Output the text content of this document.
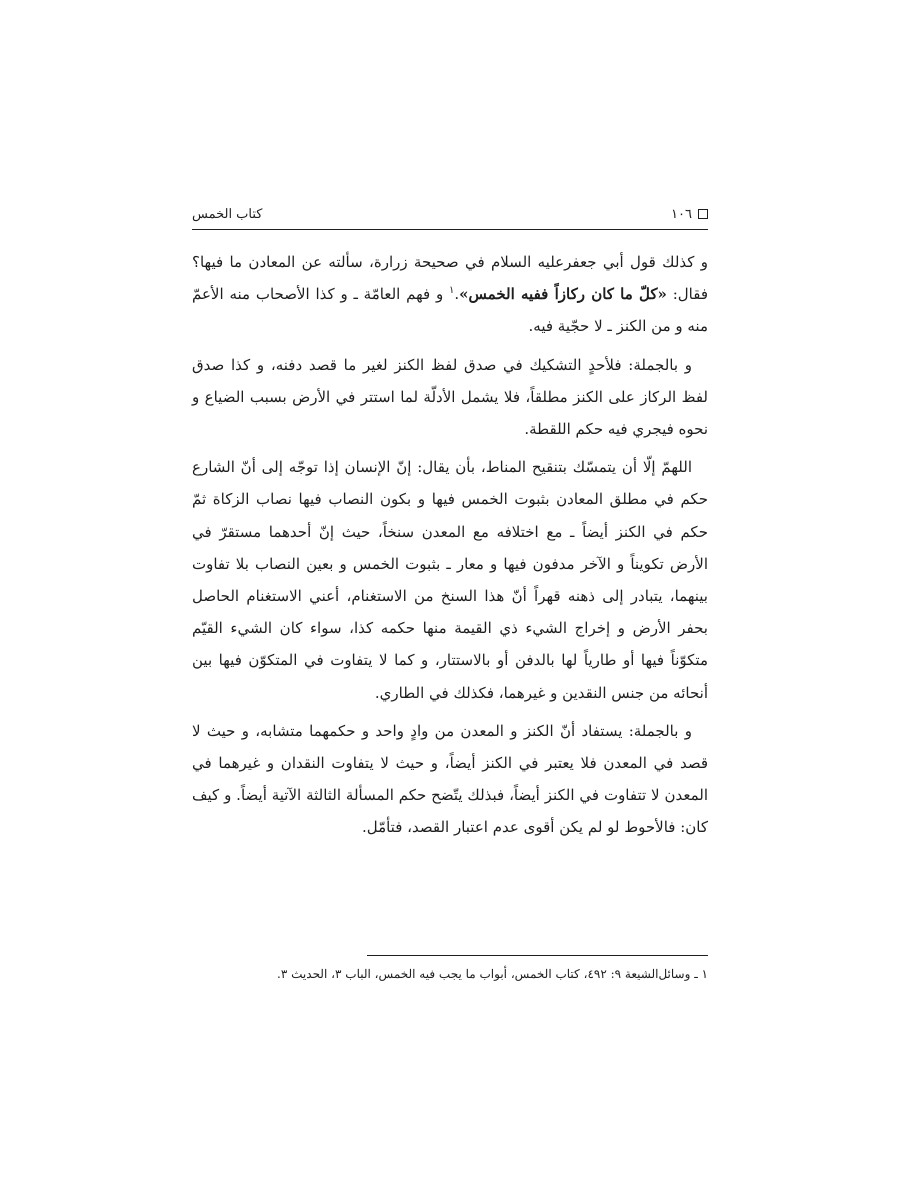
١٠٦
كتاب الخمس

و كذلك قول أبي جعفرعليه السلام في صحيحة زرارة، سألته عن المعادن ما فيها؟ فقال: «كلّ ما كان ركازاً ففيه الخمس».$^١$ و فهم العامّة ـ و كذا الأصحاب منه الأعمّ منه و من الكنز ـ لا حجّية فيه.

و بالجملة: فلأحدٍ التشكيك في صدق لفظ الكنز لغير ما قصد دفنه، و كذا صدق لفظ الركاز على الكنز مطلقاً، فلا يشمل الأدلّة لما استتر في الأرض بسبب الضياع و نحوه فيجري فيه حكم اللقطة.

اللهمّ إلّا أن يتمسّك بتنقيح المناط، بأن يقال: إنّ الإنسان إذا توجّه إلى أنّ الشارع حكم في مطلق المعادن بثبوت الخمس فيها و بكون النصاب فيها نصاب الزكاة ثمّ حكم في الكنز أيضاً ـ مع اختلافه مع المعدن سنخاً، حيث إنّ أحدهما مستقرّ في الأرض تكويناً و الآخر مدفون فيها و معار ـ بثبوت الخمس و بعين النصاب بلا تفاوت بينهما، يتبادر إلى ذهنه قهراً أنّ هذا السنخ من الاستغنام، أعني الاستغنام الحاصل بحفر الأرض و إخراج الشيء ذي القيمة منها حكمه كذا، سواء كان الشيء القيّم متكوّناً فيها أو طارياً لها بالدفن أو بالاستتار، و كما لا يتفاوت في المتكوّن فيها بين أنحائه من جنس النقدين و غيرهما، فكذلك في الطاري.

و بالجملة: يستفاد أنّ الكنز و المعدن من وادٍ واحد و حكمهما متشابه، و حيث لا قصد في المعدن فلا يعتبر في الكنز أيضاً، و حيث لا يتفاوت النقدان و غيرهما في المعدن لا تتفاوت في الكنز أيضاً، فبذلك يتّضح حكم المسألة الثالثة الآتية أيضاً. و كيف كان: فالأحوط لو لم يكن أقوى عدم اعتبار القصد، فتأمّل.

١ ـ وسائل‌الشيعة ٩: ٤٩٢، كتاب الخمس، أبواب ما يجب فيه الخمس، الباب ٣، الحديث ٣.
